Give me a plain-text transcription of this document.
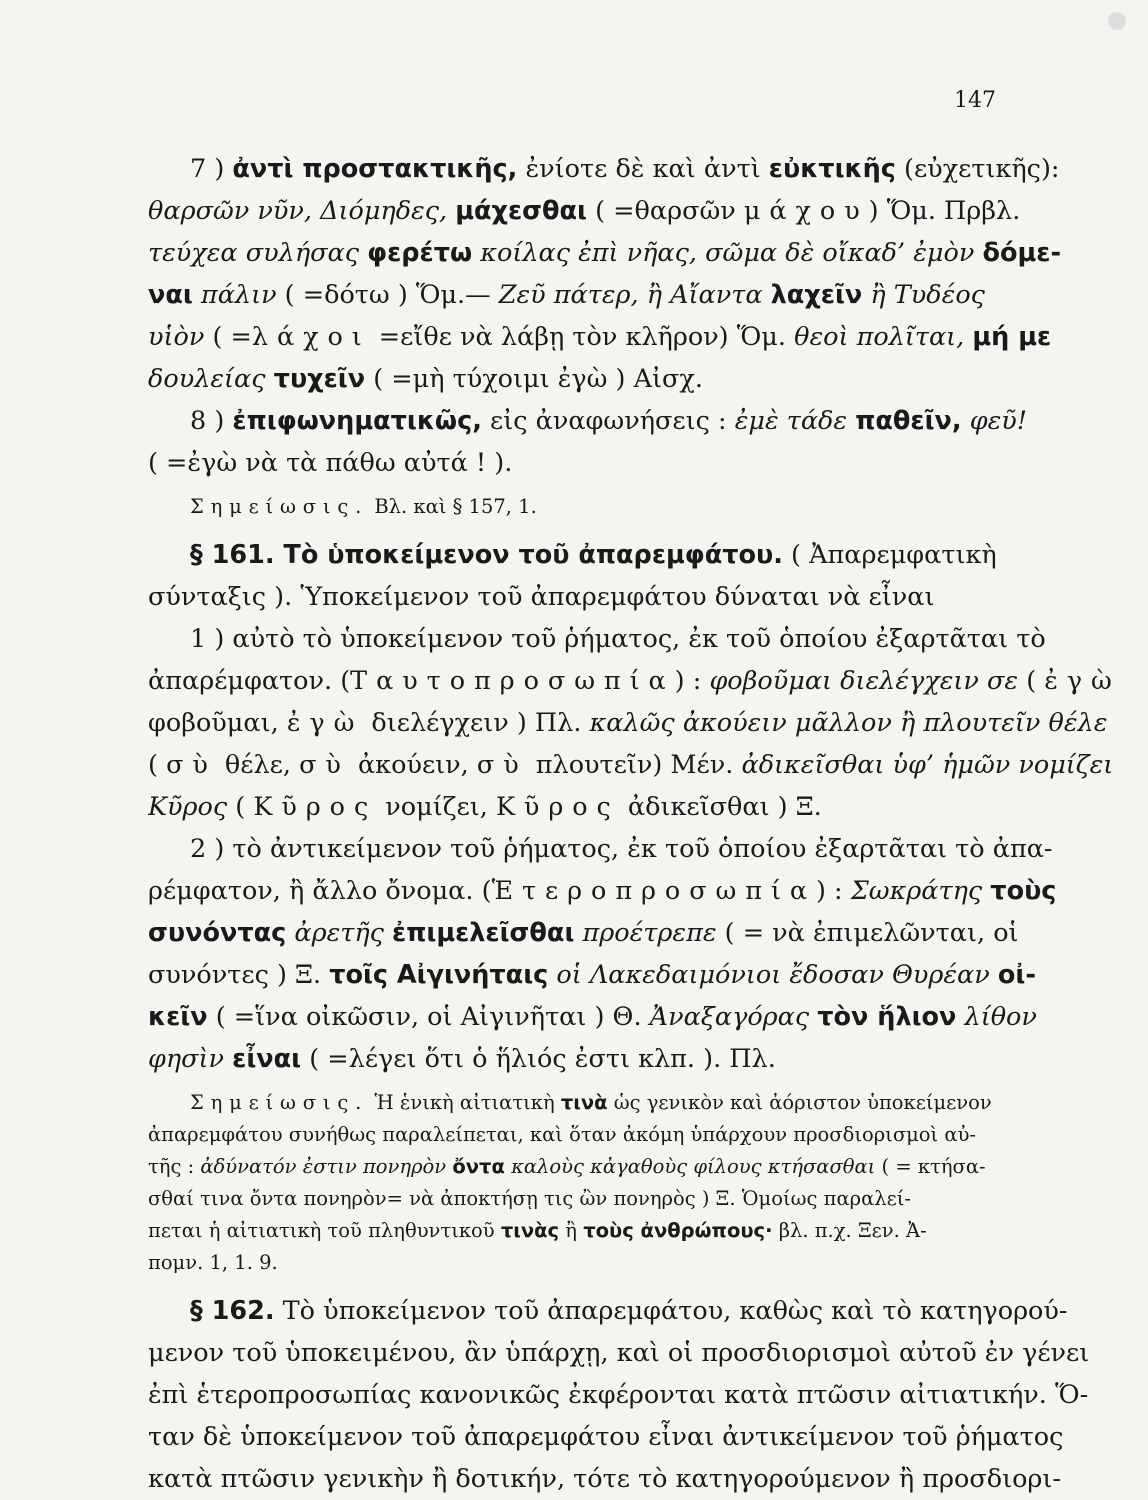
147
7 ) ἀντὶ προστακτικῆς, ἐνίοτε δὲ καὶ ἀντὶ εὐκτικῆς (εὐχετικῆς):
θαρσῶν νῦν, Διόμηδες, μάχεσθαι ( =θαρσῶν μάχου) Ὅμ. Πρβλ.
τεύχεα συλήσας φερέτω κοίλας ἐπὶ νῆας, σῶμα δὲ οἴκαδ’ ἐμὸν δόμε-
ναι πάλιν ( =δότω ) Ὅμ.— Ζεῦ πάτερ, ἢ Αἴαντα λαχεῖν ἢ Τυδέος
υἱὸν ( =λάχοι =εἴθε νὰ λάβῃ τὸν κλῆρον) Ὅμ. θεοὶ πολῖται, μή με
δουλείας τυχεῖν ( =μὴ τύχοιμι ἐγὼ ) Αἰσχ.
8 ) ἐπιφωνηματικῶς, εἰς ἀναφωνήσεις : ἐμὲ τάδε παθεῖν, φεῦ!
( =ἐγὼ νὰ τὰ πάθω αὐτά ! ).
Σημείωσις. Βλ. καὶ § 157, 1.
§ 161. Τὸ ὑποκείμενον τοῦ ἀπαρεμφάτου. ( Ἀπαρεμφατικὴ
σύνταξις ). Ὑποκείμενον τοῦ ἀπαρεμφάτου δύναται νὰ εἶναι
1 ) αὐτὸ τὸ ὑποκείμενον τοῦ ῥήματος, ἐκ τοῦ ὁποίου ἐξαρτᾶται τὸ
ἀπαρέμφατον. (Ταυτοπροσωπία) : φοβοῦμαι διελέγχειν σε ( ἐγὼ
φοβοῦμαι, ἐγὼ διελέγχειν ) Πλ. καλῶς ἀκούειν μᾶλλον ἢ πλουτεῖν θέλε
( σὺ θέλε, σὺ ἀκούειν, σὺ πλουτεῖν) Μέν. ἀδικεῖσθαι ὑφ’ ἡμῶν νομίζει
Κῦρος ( Κῦρος νομίζει, Κῦρος ἀδικεῖσθαι ) Ξ.
2 ) τὸ ἀντικείμενον τοῦ ῥήματος, ἐκ τοῦ ὁποίου ἐξαρτᾶται τὸ ἀπα-
ρέμφατον, ἢ ἄλλο ὄνομα. (Ἑτεροπροσωπία) : Σωκράτης τοὺς
συνόντας ἀρετῆς ἐπιμελεῖσθαι προέτρεπε ( = νὰ ἐπιμελῶνται, οἱ
συνόντες ) Ξ. τοῖς Αἰγινήταις οἱ Λακεδαιμόνιοι ἔδοσαν Θυρέαν οἰ-
κεῖν ( =ἵνα οἰκῶσιν, οἱ Αἰγινῆται ) Θ. Ἀναξαγόρας τὸν ἥλιον λίθον
φησὶν εἶναι ( =λέγει ὅτι ὁ ἥλιός ἐστι κλπ. ). Πλ.
Σημείωσις. Ἡ ἑνικὴ αἰτιατικὴ τινὰ ὡς γενικὸν καὶ ἀόριστον ὑποκείμενον
ἀπαρεμφάτου συνήθως παραλείπεται, καὶ ὅταν ἀκόμη ὑπάρχουν προσδιορισμοὶ αὐ-
τῆς : ἀδύνατόν ἐστιν πονηρὸν ὄντα καλοὺς κἀγαθοὺς φίλους κτήσασθαι ( = κτήσα-
σθαί τινα ὄντα πονηρὸν= νὰ ἀποκτήσῃ τις ὢν πονηρὸς ) Ξ. Ὁμοίως παραλεί-
πεται ἡ αἰτιατικὴ τοῦ πληθυντικοῦ τινὰς ἢ τοὺς ἀνθρώπους· βλ. π.χ. Ξεν. Ἀ-
πομν. 1, 1. 9.
§ 162. Τὸ ὑποκείμενον τοῦ ἀπαρεμφάτου, καθὼς καὶ τὸ κατηγορού-
μενον τοῦ ὑποκειμένου, ἂν ὑπάρχῃ, καὶ οἱ προσδιορισμοὶ αὐτοῦ ἐν γένει
ἐπὶ ἑτεροπροσωπίας κανονικῶς ἐκφέρονται κατὰ πτῶσιν αἰτιατικήν. Ὅ-
ταν δὲ ὑποκείμενον τοῦ ἀπαρεμφάτου εἶναι ἀντικείμενον τοῦ ῥήματος
κατὰ πτῶσιν γενικὴν ἢ δοτικήν, τότε τὸ κατηγορούμενον ἢ προσδιορι-
